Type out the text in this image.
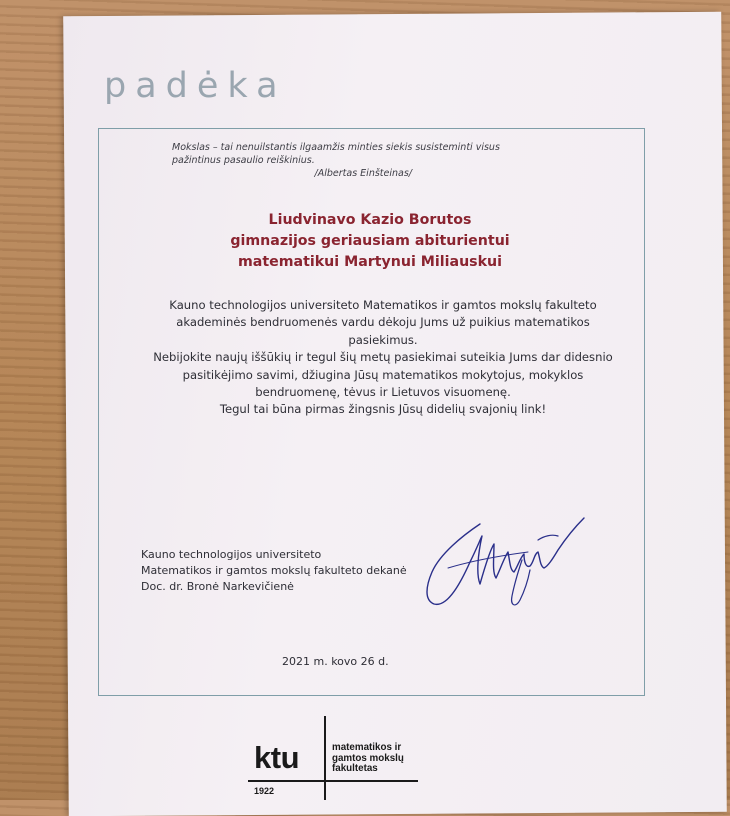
padėka
Mokslas – tai nenuilstantis ilgaamžis minties siekis susisteminti visus pažintinus pasaulio reiškinius.

/Albertas Einšteinas/
Liudvinavo Kazio Borutos
gimnazijos geriausiam abiturientui
matematikui Martynui Miliauskui

Kauno technologijos universiteto Matematikos ir gamtos mokslų fakulteto akademinės bendruomenės vardu dėkoju Jums už puikius matematikos pasiekimus.

Nebijokite naujų iššūkių ir tegul šių metų pasiekimai suteikia Jums dar didesnio pasitikėjimo savimi, džiugina Jūsų matematikos mokytojus, mokyklos bendruomenę, tėvus ir Lietuvos visuomenę.

Tegul tai būna pirmas žingsnis Jūsų didelių svajonių link!

Kauno technologijos universiteto
Matematikos ir gamtos mokslų fakulteto dekanė
Doc. dr. Bronė Narkevičienė
2021 m. kovo 26 d.
ktu
1922
matematikos ir
gamtos mokslų
fakultetas
